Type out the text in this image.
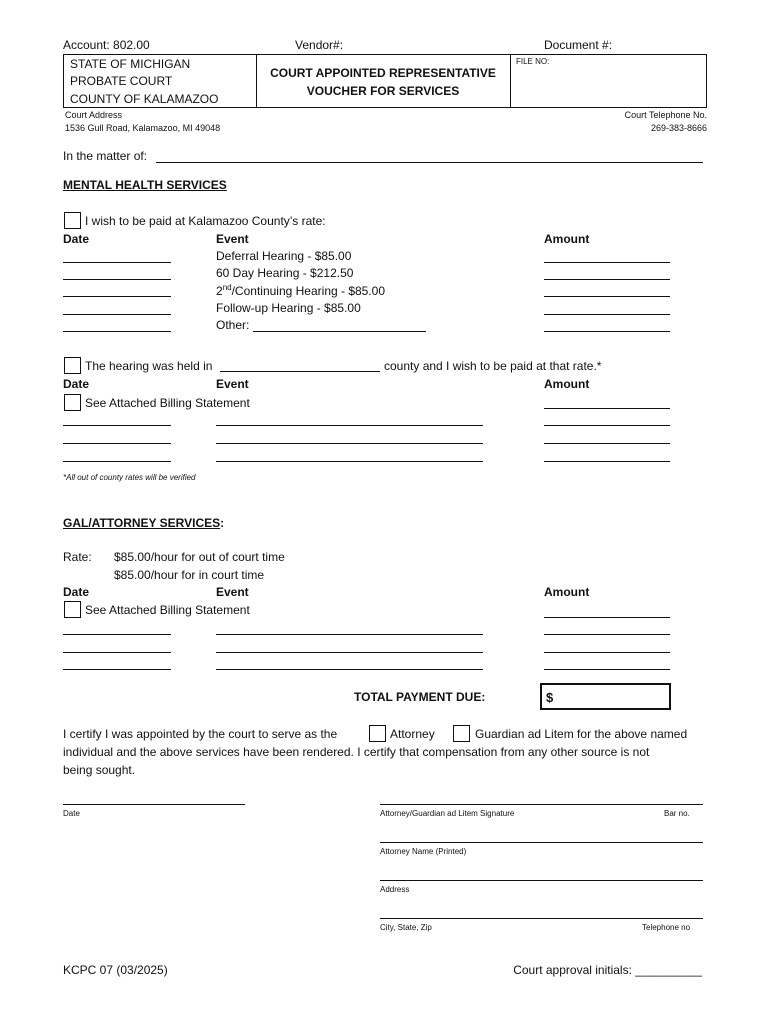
Account: 802.00	Vendor#:	Document #:
STATE OF MICHIGAN
PROBATE COURT
COUNTY OF KALAMAZOO
COURT APPOINTED REPRESENTATIVE
VOUCHER FOR SERVICES
FILE NO:
Court Address
1536 Gull Road, Kalamazoo, MI 49048
Court Telephone No.
269-383-8666
In the matter of:
MENTAL HEALTH SERVICES
I wish to be paid at Kalamazoo County’s rate:
Date	Event	Amount
Deferral Hearing - $85.00
60 Day Hearing - $212.50
2nd/Continuing Hearing - $85.00
Follow-up Hearing - $85.00
Other:
The hearing was held in	county and I wish to be paid at that rate.*
Date	Event	Amount
See Attached Billing Statement
*All out of county rates will be verified
GAL/ATTORNEY SERVICES:
Rate: $85.00/hour for out of court time
$85.00/hour for in court time
Date	Event	Amount
See Attached Billing Statement
TOTAL PAYMENT DUE:	$
I certify I was appointed by the court to serve as the	Attorney	Guardian ad Litem for the above named
individual and the above services have been rendered. I certify that compensation from any other source is not
being sought.
Date	Attorney/Guardian ad Litem Signature	Bar no.
Attorney Name (Printed)
Address
City, State, Zip	Telephone no
KCPC 07 (03/2025)	Court approval initials: __________
